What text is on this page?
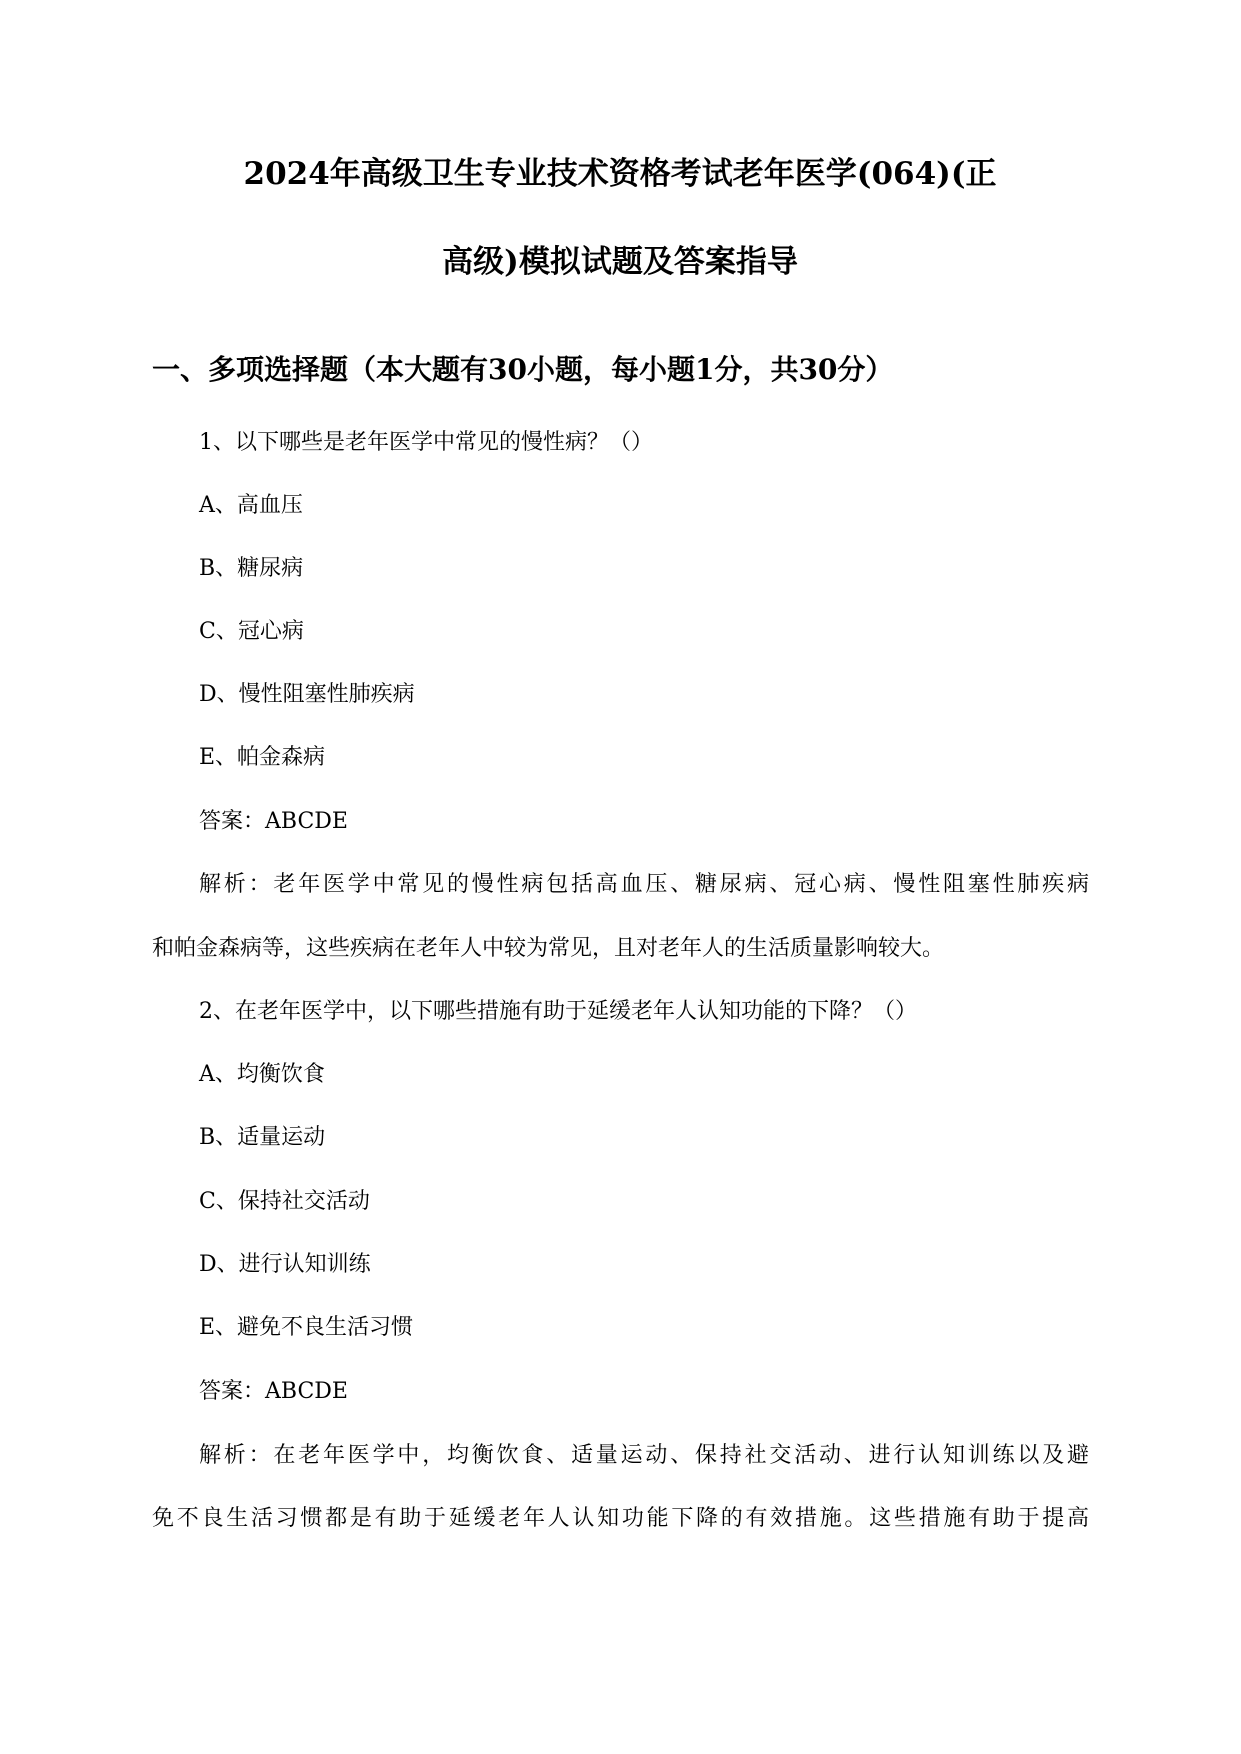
2024年高级卫生专业技术资格考试老年医学(064)(正
高级)模拟试题及答案指导
一、多项选择题（本大题有30小题，每小题1分，共30分）
1、以下哪些是老年医学中常见的慢性病？（）
A、高血压
B、糖尿病
C、冠心病
D、慢性阻塞性肺疾病
E、帕金森病
答案：ABCDE
解析：老年医学中常见的慢性病包括高血压、糖尿病、冠心病、慢性阻塞性肺疾病
和帕金森病等，这些疾病在老年人中较为常见，且对老年人的生活质量影响较大。
2、在老年医学中，以下哪些措施有助于延缓老年人认知功能的下降？（）
A、均衡饮食
B、适量运动
C、保持社交活动
D、进行认知训练
E、避免不良生活习惯
答案：ABCDE
解析：在老年医学中，均衡饮食、适量运动、保持社交活动、进行认知训练以及避
免不良生活习惯都是有助于延缓老年人认知功能下降的有效措施。这些措施有助于提高
